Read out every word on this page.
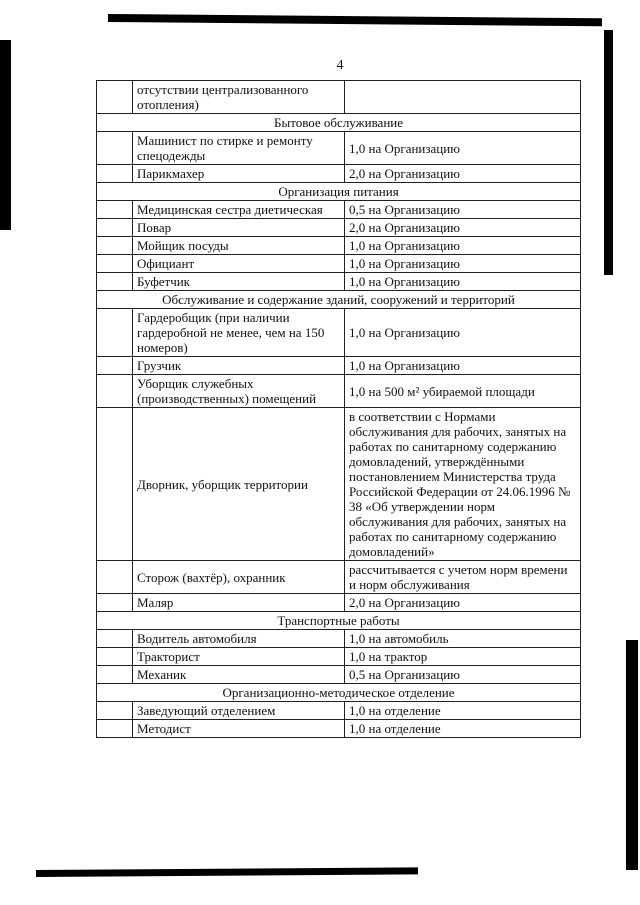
4
	отсутствии централизованного отопления)	
Бытовое обслуживание		
	Машинист по стирке и ремонту спецодежды	1,0 на Организацию
	Парикмахер	2,0 на Организацию
Организация питания		
	Медицинская сестра диетическая	0,5 на Организацию
	Повар	2,0 на Организацию
	Мойщик посуды	1,0 на Организацию
	Официант	1,0 на Организацию
	Буфетчик	1,0 на Организацию
Обслуживание и содержание зданий, сооружений и территорий		
	Гардеробщик (при наличии гардеробной не менее, чем на 150 номеров)	1,0 на Организацию
	Грузчик	1,0 на Организацию
	Уборщик служебных (производственных) помещений	1,0 на 500 м² убираемой площади
	Дворник, уборщик территории	в соответствии с Нормами обслуживания для рабочих, занятых на работах по санитарному содержанию домовладений, утверждёнными постановлением Министерства труда Российской Федерации от 24.06.1996 № 38 «Об утверждении норм обслуживания для рабочих, занятых на работах по санитарному содержанию домовладений»
	Сторож (вахтёр), охранник	рассчитывается с учетом норм времени и норм обслуживания
	Маляр	2,0 на Организацию
Транспортные работы		
	Водитель автомобиля	1,0 на автомобиль
	Тракторист	1,0 на трактор
	Механик	0,5 на Организацию
Организационно-методическое отделение		
	Заведующий отделением	1,0 на отделение
	Методист	1,0 на отделение
